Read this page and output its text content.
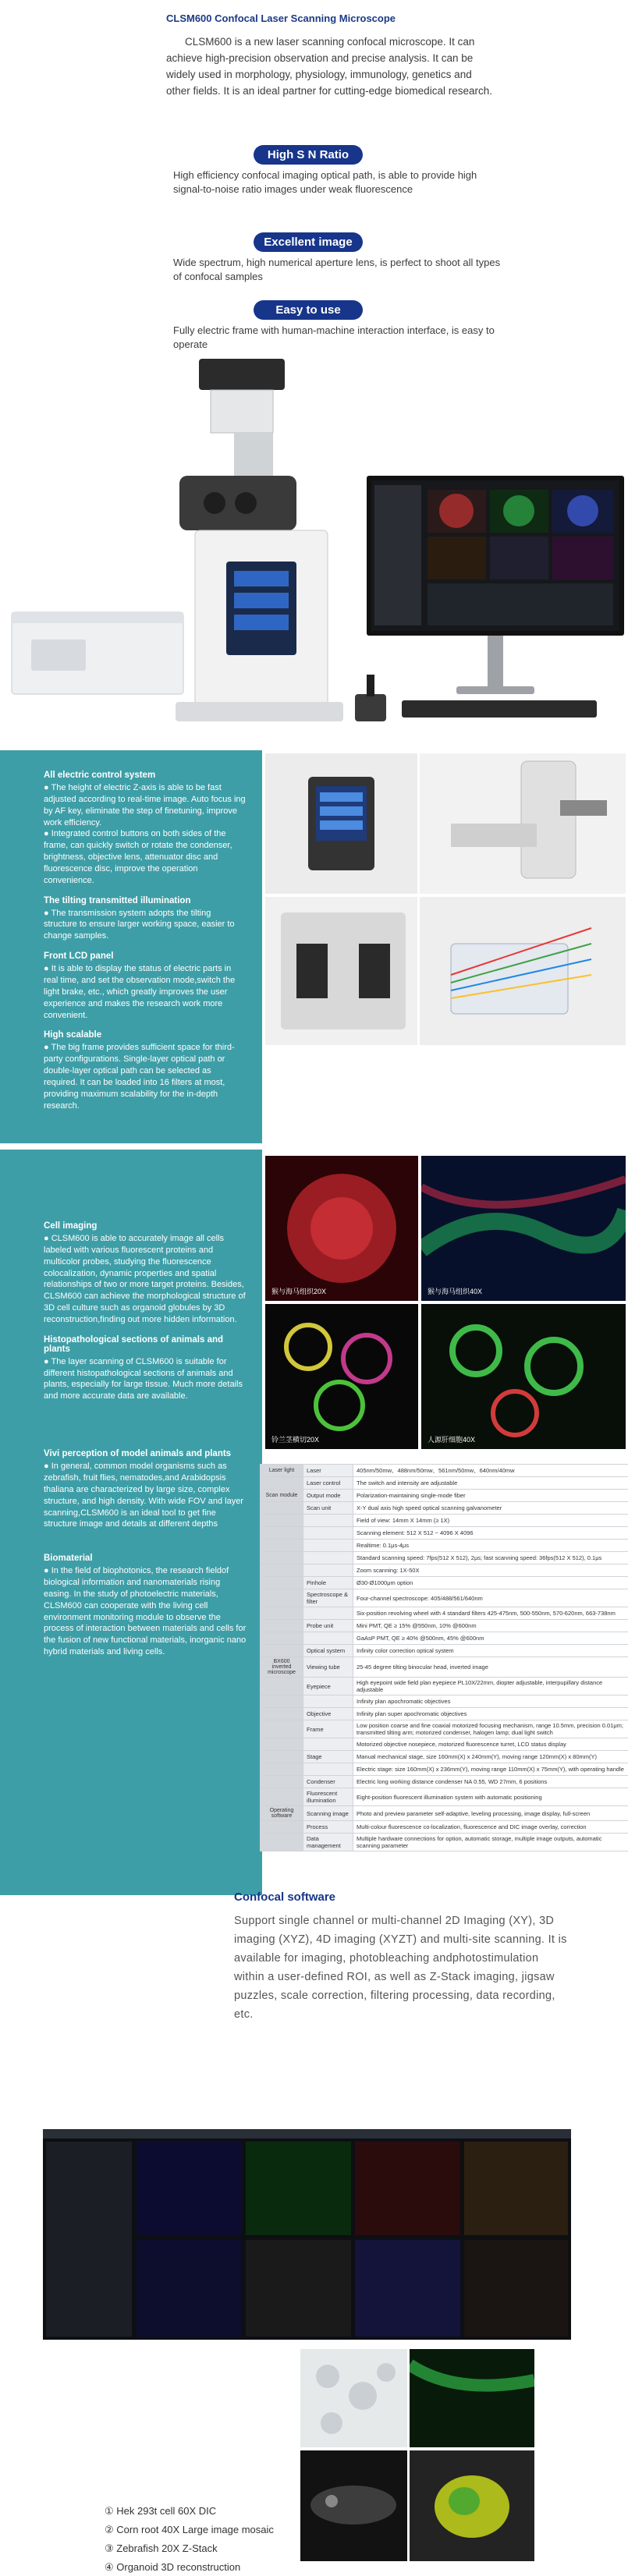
CLSM600 Confocal Laser Scanning Microscope
CLSM600 is a new laser scanning confocal microscope. It can achieve high-precision observation and precise analysis. It can be widely used in morphology, physiology, immunology, genetics and other fields. It is an ideal partner for cutting-edge biomedical research.
High S N Ratio
High efficiency confocal imaging optical path, is able to provide high signal-to-noise ratio images under weak fluorescence
Excellent image
Wide spectrum, high numerical aperture lens, is perfect to shoot all types of confocal samples
Easy to use
Fully electric frame with human-machine interaction interface, is easy to operate
All electric control system

● The height of electric Z-axis is able to be fast adjusted according to real-time image. Auto focus ing by AF key, eliminate the step of finetuning, improve work efficiency.
● Integrated control buttons on both sides of the frame, can quickly switch or rotate the condenser, brightness, objective lens, attenuator disc and fluorescence disc, improve the operation convenience.

The tilting transmitted illumination

● The transmission system adopts the tilting structure to ensure larger working space, easier to change samples.

Front LCD panel

● It is able to display the status of electric parts in real time, and set the observation mode,switch the light brake, etc., which greatly improves the user experience and makes the research work more convenient.

High scalable

● The big frame provides sufficient space for third-party configurations. Single-layer optical path or double-layer optical path can be selected as required. It can be loaded into 16 filters at most, providing maximum scalability for the in-depth research.

Cell imaging

● CLSM600 is able to accurately image all cells labeled with various fluorescent proteins and multicolor probes, studying the fluorescence colocalization, dynamic properties and spatial relationships of two or more target proteins. Besides, CLSM600 can achieve the morphological structure of 3D cell culture such as organoid globules by 3D reconstruction,finding out more hidden information.

Histopathological sections of animals and plants

● The layer scanning of CLSM600 is suitable for different histopathological sections of animals and plants, especially for large tissue. Much more details and more accurate data are available.

Vivi perception of model animals and plants

● In general, common model organisms such as zebrafish, fruit flies, nematodes,and Arabidopsis thaliana are characterized by large size, complex structure, and high density. With wide FOV and layer scanning,CLSM600 is an ideal tool to get fine structure image and details at different depths

Biomaterial

● In the field of biophotonics, the research fieldof biological information and nanomaterials rising easing. In the study of photoelectric materials, CLSM600 can cooperate with the living cell environment monitoring module to observe the process of interaction between materials and cells for the fusion of new functional materials, inorganic nano hybrid materials and living cells.

猴与海马组织20X	猴与海马组织40X
铃兰茎横切20X	人源肝细胞40X
Laser light	Laser	405nm/50mw、488nm/50mw、561nm/50mw、640nm/40mw
	Laser control	The switch and intensity are adjustable
Scan module	Output mode	Polarization-maintaining single-mode fiber
	Scan unit	X-Y dual axis high speed optical scanning galvanometer
		Field of view: 14mm X 14mm (≥ 1X)
		Scanning element: 512 X 512 ~ 4096 X 4096
		Realtime: 0.1μs-4μs
		Standard scanning speed: 7fps(512 X 512), 2μs; fast scanning speed: 36fps(512 X 512), 0.1μs
		Zoom scanning: 1X-50X
	Pinhole	Ø30-Ø1000μm option
	Spectroscope & filter	Four-channel spectroscope: 405/488/561/640nm
		Six-position revolving wheel with 4 standard filters 425-475nm, 500-550nm, 570-620nm, 663-738nm
	Probe unit	Mini PMT, QE ≥ 15% @550nm, 10% @600nm
		GaAsP PMT, QE ≥ 40% @500nm, 45% @600nm
	Optical system	Infinity color correction optical system
BX600 inverted microscope	Viewing tube	25-45 degree tilting binocular head, inverted image
	Eyepiece	High eyepoint wide field plan eyepiece PL10X/22mm, diopter adjustable, interpupillary distance adjustable
		Infinity plan apochromatic objectives
	Objective	Infinity plan super apochromatic objectives
	Frame	Low position coarse and fine coaxial motorized focusing mechanism, range 10.5mm, precision 0.01μm; transmitted tilting arm; motorized condenser, halogen lamp; dual light switch
		Motorized objective nosepiece, motorized fluorescence turret, LCD status display
	Stage	Manual mechanical stage, size 160mm(X) x 240mm(Y), moving range 120mm(X) x 80mm(Y)
		Electric stage: size 160mm(X) x 236mm(Y), moving range 110mm(X) x 75mm(Y), with operating handle
	Condenser	Electric long working distance condenser NA 0.55, WD 27mm, 6 positions
	Fluorescent illumination	Eight-position fluorescent illumination system with automatic positioning
Operating software	Scanning image	Photo and preview parameter self-adaptive, leveling processing, image display, full-screen
	Process	Multi-colour fluorescence co-localization, fluorescence and DIC image overlay, correction
	Data management	Multiple hardware connections for option, automatic storage, multiple image outputs, automatic scanning parameter
Confocal software
Support single channel or multi-channel 2D Imaging (XY), 3D imaging (XYZ), 4D imaging (XYZT) and multi-site scanning. It is available for imaging, photobleaching andphotostimulation within a user-defined ROI, as well as Z-Stack imaging, jigsaw puzzles, scale correction, filtering processing, data recording, etc.
① Hek 293t cell 60X DIC
② Corn root 40X Large image mosaic
③ Zebrafish 20X Z-Stack
④ Organoid 3D reconstruction
